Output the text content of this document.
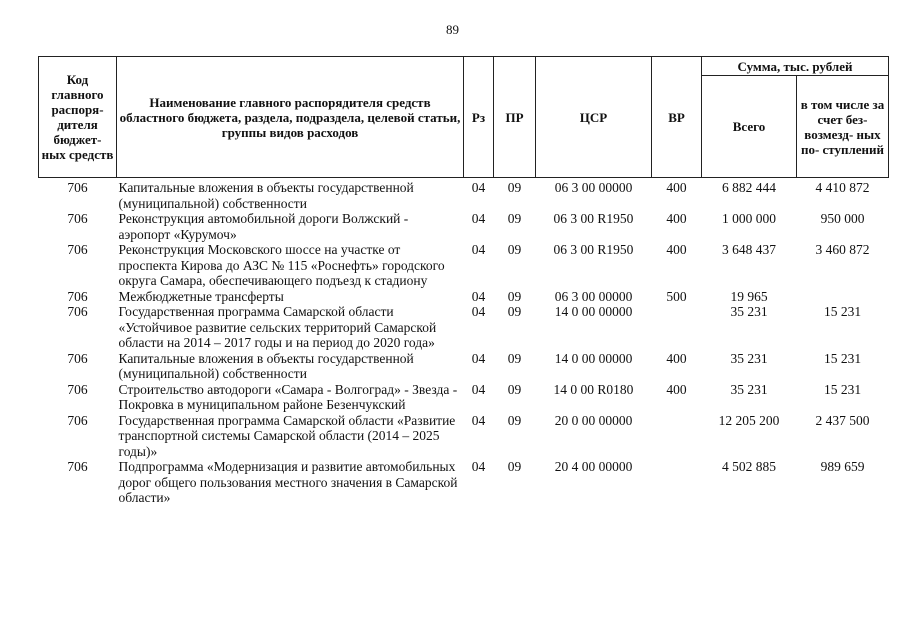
89
Код главного распоря- дителя бюджет- ных средств	Наименование главного распорядителя средств областного бюджета, раздела, подраздела, целевой статьи, группы видов расходов	Рз	ПР	ЦСР	ВР	Сумма, тыс. рублей	
						Всего	в том числе за счет без- возмезд- ных по- ступлений
706	Капитальные вложения в объекты государственной (муниципальной) собственности	04	09	06 3 00 00000	400	6 882 444	4 410 872
706	Реконструкция автомобильной дороги Волжский - аэропорт «Курумоч»	04	09	06 3 00 R1950	400	1 000 000	950 000
706	Реконструкция Московского шоссе на участке от проспекта Кирова до АЗС № 115 «Роснефть» городского округа Самара, обеспечивающего подъезд к стадиону	04	09	06 3 00 R1950	400	3 648 437	3 460 872
706	Межбюджетные трансферты	04	09	06 3 00 00000	500	19 965	
706	Государственная программа Самарской области «Устойчивое развитие сельских территорий Самарской области на 2014 – 2017 годы и на период до 2020 года»	04	09	14 0 00 00000		35 231	15 231
706	Капитальные вложения в объекты государственной (муниципальной) собственности	04	09	14 0 00 00000	400	35 231	15 231
706	Строительство автодороги «Самара - Волгоград» - Звезда - Покровка в муниципальном районе Безенчукский	04	09	14 0 00 R0180	400	35 231	15 231
706	Государственная программа Самарской области «Развитие транспортной системы Самарской области (2014 – 2025 годы)»	04	09	20 0 00 00000		12 205 200	2 437 500
706	Подпрограмма «Модернизация и развитие автомобильных дорог общего пользования местного значения в Самарской области»	04	09	20 4 00 00000		4 502 885	989 659
